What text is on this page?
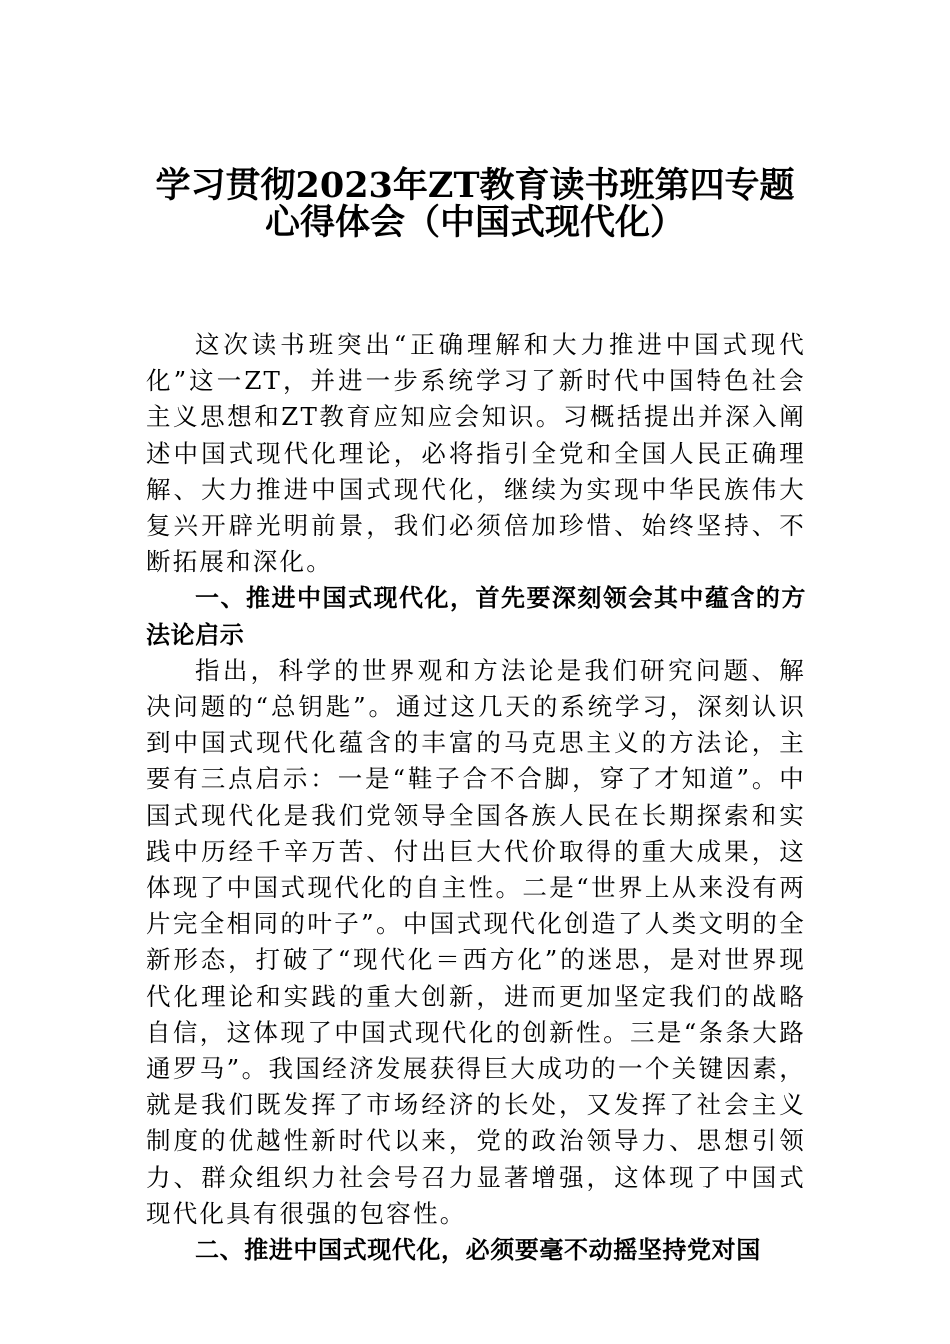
学习贯彻2023年ZT教育读书班第四专题
心得体会（中国式现代化）

这次读书班突出“正确理解和大力推进中国式现代化”这一ZT，并进一步系统学习了新时代中国特色社会主义思想和ZT教育应知应会知识。习概括提出并深入阐述中国式现代化理论，必将指引全党和全国人民正确理解、大力推进中国式现代化，继续为实现中华民族伟大复兴开辟光明前景，我们必须倍加珍惜、始终坚持、不断拓展和深化。

一、推进中国式现代化，首先要深刻领会其中蕴含的方法论启示

指出，科学的世界观和方法论是我们研究问题、解决问题的“总钥匙”。通过这几天的系统学习，深刻认识到中国式现代化蕴含的丰富的马克思主义的方法论，主要有三点启示：一是“鞋子合不合脚，穿了才知道”。中国式现代化是我们党领导全国各族人民在长期探索和实践中历经千辛万苦、付出巨大代价取得的重大成果，这体现了中国式现代化的自主性。二是“世界上从来没有两片完全相同的叶子”。中国式现代化创造了人类文明的全新形态，打破了“现代化＝西方化”的迷思，是对世界现代化理论和实践的重大创新，进而更加坚定我们的战略自信，这体现了中国式现代化的创新性。三是“条条大路通罗马”。我国经济发展获得巨大成功的一个关键因素，就是我们既发挥了市场经济的长处，又发挥了社会主义制度的优越性新时代以来，党的政治领导力、思想引领力、群众组织力社会号召力显著增强，这体现了中国式现代化具有很强的包容性。

二、推进中国式现代化，必须要毫不动摇坚持党对国
